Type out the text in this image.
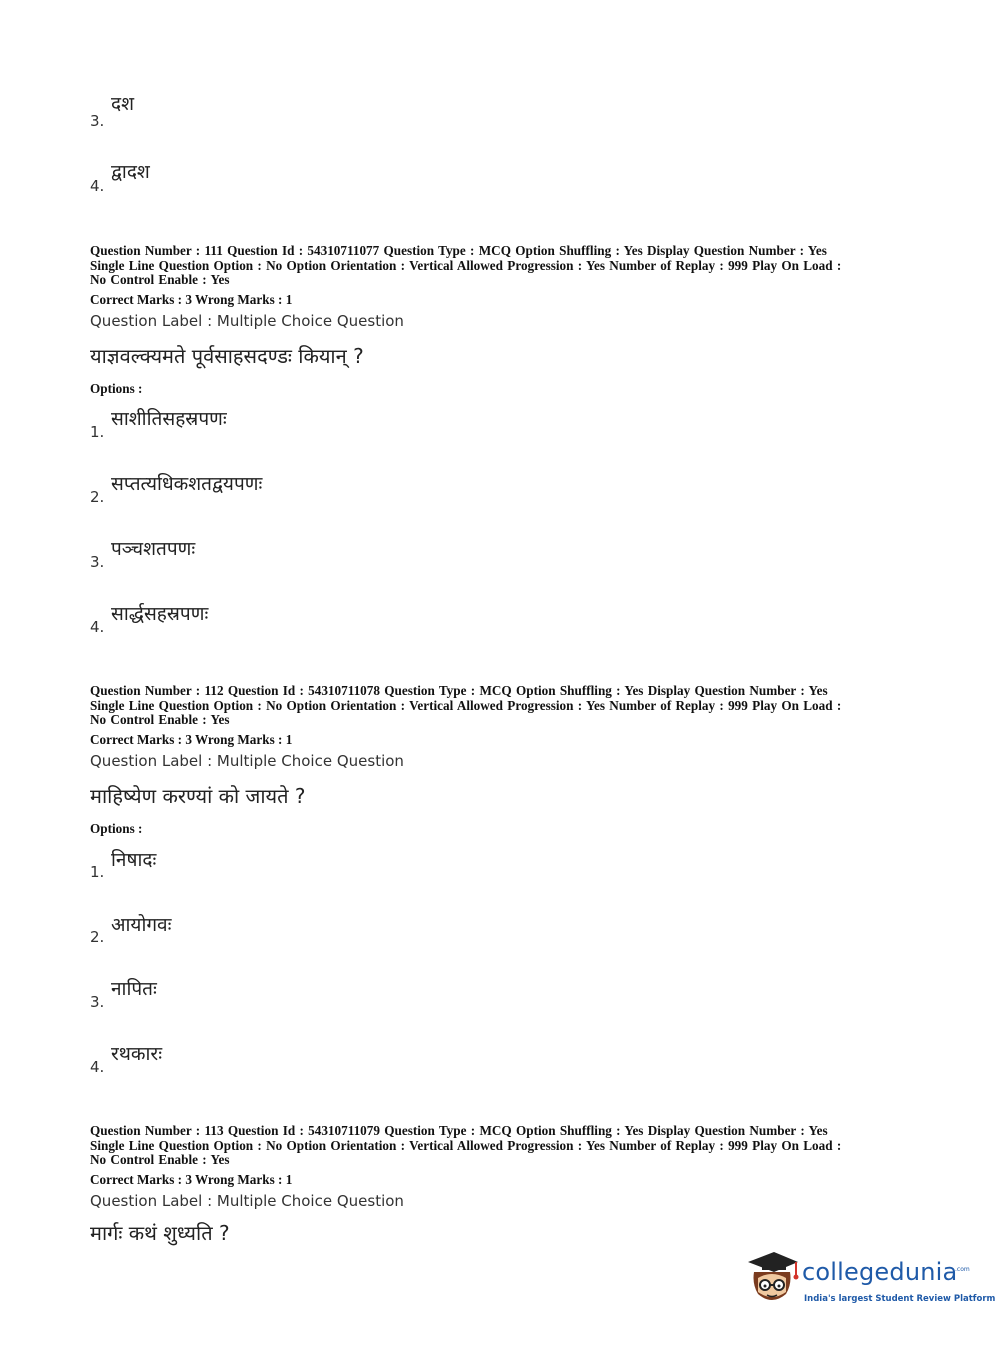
3.
दश
4.
द्वादश
Question Number : 111 Question Id : 54310711077 Question Type : MCQ Option Shuffling : Yes Display Question Number : Yes
Single Line Question Option : No Option Orientation : Vertical Allowed Progression : Yes Number of Replay : 999 Play On Load :
No Control Enable : Yes
Correct Marks : 3 Wrong Marks : 1
Question Label : Multiple Choice Question
याज्ञवल्क्यमते पूर्वसाहसदण्डः कियान् ?
Options :
1.
साशीतिसहस्रपणः
2.
सप्तत्यधिकशतद्वयपणः
3.
पञ्चशतपणः
4.
सार्द्धसहस्रपणः
Question Number : 112 Question Id : 54310711078 Question Type : MCQ Option Shuffling : Yes Display Question Number : Yes
Single Line Question Option : No Option Orientation : Vertical Allowed Progression : Yes Number of Replay : 999 Play On Load :
No Control Enable : Yes
Correct Marks : 3 Wrong Marks : 1
Question Label : Multiple Choice Question
माहिष्येण करण्यां को जायते ?
Options :
1.
निषादः
2.
आयोगवः
3.
नापितः
4.
रथकारः
Question Number : 113 Question Id : 54310711079 Question Type : MCQ Option Shuffling : Yes Display Question Number : Yes
Single Line Question Option : No Option Orientation : Vertical Allowed Progression : Yes Number of Replay : 999 Play On Load :
No Control Enable : Yes
Correct Marks : 3 Wrong Marks : 1
Question Label : Multiple Choice Question
मार्गः कथं शुध्यति ?
collegedunia
.com
India's largest Student Review Platform
